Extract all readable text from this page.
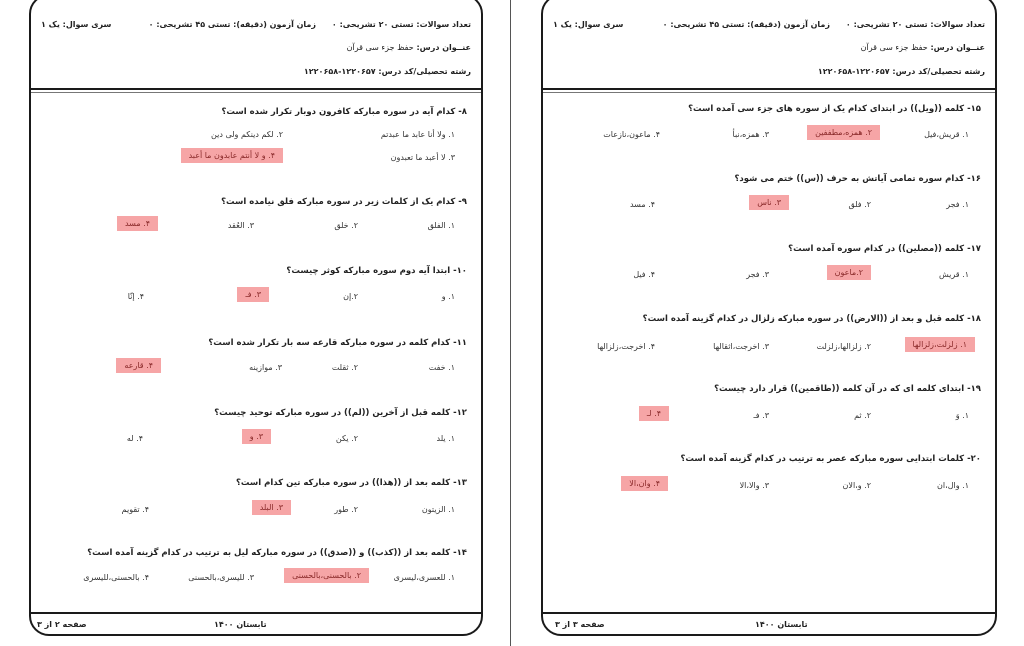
تعداد سوالات: تستی ۲۰ تشریحی: ۰
زمان آزمون (دقیقه): تستی ۴۵ تشریحی: ۰
سری سوال: یک ۱
عنــوان درس: حفظ جزء سی قرآن
رشته تحصیلی/کد درس: ۱۲۲۰۶۵۷-۱۲۲۰۶۵۸
۸- کدام آیه در سوره مبارکه کافرون دوبار تکرار شده است؟
۱. ولا أنا عابد ما عبدتم
۲. لکم دینکم ولی دین
۳. لا أعبد ما تعبدون
۴. و لا أنتم عابدون ما أعبد
۹- کدام یک از کلمات زیر در سوره مبارکه فلق نیامده است؟
۱. الفلق
۲. خلق
۳. العُقد
۴. مسد
۱۰- ابتدا آیه دوم سوره مبارکه کوثر چیست؟
۱. و
۲.إن
۳. فـ
۴. إنّا
۱۱- کدام کلمه در سوره مبارکه قارعه سه بار تکرار شده است؟
۱. خفت
۲. ثقلت
۳. موازینه
۴. قارعه
۱۲- کلمه قبل از آخرین ((لم)) در سوره مبارکه توحید چیست؟
۱. یلد
۲. یکن
۳. و
۴. له
۱۳- کلمه بعد از ((هذا)) در سوره مبارکه تین کدام است؟
۱. الزیتون
۲. طور
۳. البلد
۴. تقویم
۱۴- کلمه بعد از ((کذب)) و ((صدق)) در سوره مبارکه لیل به ترتیب در کدام گزینه آمده است؟
۱. للعسری،لیسری
۲. بالحسنی،بالحسنی
۳. للیسری،بالحسنی
۴. بالحسنی،للیسری
تابستان ۱۴۰۰
صفحه ۲ از ۳
تعداد سوالات: تستی ۲۰ تشریحی: ۰
زمان آزمون (دقیقه): تستی ۴۵ تشریحی: ۰
سری سوال: یک ۱
عنــوان درس: حفظ جزء سی قرآن
رشته تحصیلی/کد درس: ۱۲۲۰۶۵۷-۱۲۲۰۶۵۸
۱۵- کلمه ((ویل)) در ابتدای کدام یک از سوره های جزء سی آمده است؟
۱. قریش،فیل
۲. همزه،مطففین
۳. همزه،نبأ
۴. ماعون،نازعات
۱۶- کدام سوره تمامی آیاتش به حرف ((س)) ختم می شود؟
۱. فجر
۲. فلق
۳. ناس
۴. مسد
۱۷- کلمه ((مصلین)) در کدام سوره آمده است؟
۱. قریش
۲.ماعون
۳. فجر
۴. فیل
۱۸- کلمه قبل و بعد از ((الارض)) در سوره مبارکه زلزال در کدام گزینه آمده است؟
۱. زلزلت،زلزالها
۲. زلزالها،زلزلت
۳. اخرجت،اثقالها
۴. اخرجت،زلزالها
۱۹- ابتدای کلمه ای که در آن کلمه ((طاقمین)) قرار دارد چیست؟
۱. وَ
۲. ثم
۳. فـ
۴. لـ
۲۰- کلمات ابتدایی سوره مبارکه عصر به ترتیب در کدام گزینه آمده است؟
۱. وال،ان
۲. و،الان
۳. والا،الا
۴. وان،الا
تابستان ۱۴۰۰
صفحه ۳ از ۳
